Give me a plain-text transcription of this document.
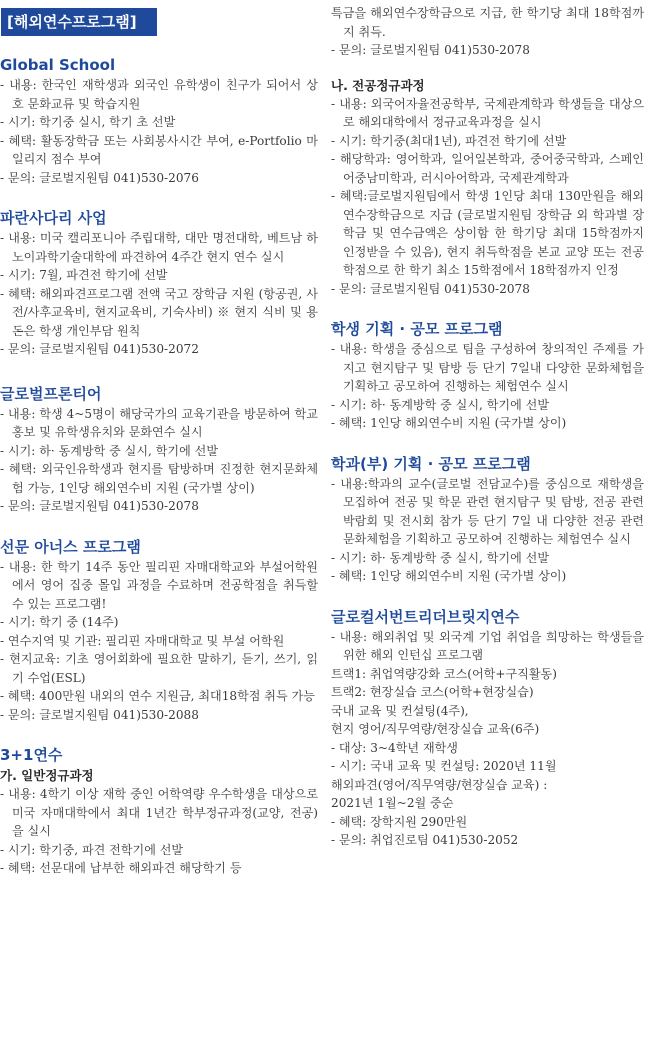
[해외연수프로그램]
Global School

- 내용: 한국인 재학생과 외국인 유학생이 친구가 되어서 상호 문화교류 및 학습지원

- 시기: 학기중 실시, 학기 초 선발

- 혜택: 활동장학금 또는 사회봉사시간 부여, e-Portfolio 마일리지 점수 부여

- 문의: 글로벌지원팀 041)530-2076

파란사다리 사업

- 내용: 미국 캘리포니아 주립대학, 대만 명전대학, 베트남 하노이과학기술대학에 파견하여 4주간 현지 연수 실시

- 시기: 7월, 파견전 학기에 선발

- 혜택: 해외파견프로그램 전액 국고 장학금 지원 (항공권, 사전/사후교육비, 현지교육비, 기숙사비) ※ 현지 식비 및 용돈은 학생 개인부담 원칙

- 문의: 글로벌지원팀 041)530-2072

글로벌프론티어

- 내용: 학생 4~5명이 해당국가의 교육기관을 방문하여 학교홍보 및 유학생유치와 문화연수 실시

- 시기: 하· 동계방학 중 실시, 학기에 선발

- 혜택: 외국인유학생과 현지를 탐방하며 진정한 현지문화체험 가능, 1인당 해외연수비 지원 (국가별 상이)

- 문의: 글로벌지원팀 041)530-2078

선문 아너스 프로그램

- 내용: 한 학기 14주 동안 필리핀 자매대학교와 부설어학원에서 영어 집중 몰입 과정을 수료하며 전공학점을 취득할 수 있는 프로그램!

- 시기: 학기 중 (14주)

- 연수지역 및 기관: 필리핀 자매대학교 및 부설 어학원

- 현지교육: 기초 영어회화에 필요한 말하기, 듣기, 쓰기, 읽기 수업(ESL)

- 혜택: 400만원 내외의 연수 지원금, 최대18학점 취득 가능

- 문의: 글로벌지원팀 041)530-2088

3+1연수
가. 일반정규과정

- 내용: 4학기 이상 재학 중인 어학역량 우수학생을 대상으로 미국 자매대학에서 최대 1년간 학부정규과정(교양, 전공)을 실시

- 시기: 학기중, 파견 전학기에 선발

- 혜택: 선문대에 납부한 해외파견 해당학기 등

특금을 해외연수장학금으로 지급, 한 학기당 최대 18학점까지 취득.

- 문의: 글로벌지원팀 041)530-2078

나. 전공정규과정

- 내용: 외국어자율전공학부, 국제관계학과 학생들을 대상으로 해외대학에서 정규교육과정을 실시

- 시기: 학기중(최대1년), 파견전 학기에 선발

- 해당학과: 영어학과, 일어일본학과, 중어중국학과, 스페인어중남미학과, 러시아어학과, 국제관계학과

- 혜택:글로벌지원팀에서 학생 1인당 최대 130만원을 해외연수장학금으로 지급 (글로벌지원팀 장학금 외 학과별 장학금 및 연수금액은 상이함 한 학기당 최대 15학점까지 인정받을 수 있음), 현지 취득학점을 본교 교양 또는 전공학점으로 한 학기 최소 15학점에서 18학점까지 인정

- 문의: 글로벌지원팀 041)530-2078

학생 기획 · 공모 프로그램

- 내용: 학생을 중심으로 팀을 구성하여 창의적인 주제를 가지고 현지탐구 및 탐방 등 단기 7일내 다양한 문화체험을 기획하고 공모하여 진행하는 체험연수 실시

- 시기: 하· 동계방학 중 실시, 학기에 선발

- 혜택: 1인당 해외연수비 지원 (국가별 상이)

학과(부) 기획 · 공모 프로그램

- 내용:학과의 교수(글로벌 전담교수)를 중심으로 재학생을 모집하여 전공 및 학문 관련 현지탐구 및 탐방, 전공 관련 박람회 및 전시회 참가 등 단기 7일 내 다양한 전공 관련 문화체험을 기획하고 공모하여 진행하는 체험연수 실시

- 시기: 하· 동계방학 중 실시, 학기에 선발

- 혜택: 1인당 해외연수비 지원 (국가별 상이)

글로컬서번트리더브릿지연수

- 내용: 해외취업 및 외국계 기업 취업을 희망하는 학생들을 위한 해외 인턴십 프로그램

트랙1: 취업역량강화 코스(어학+구직활동)

트랙2: 현장실습 코스(어학+현장실습)

국내 교육 및 컨설팅(4주),

현지 영어/직무역량/현장실습 교육(6주)

- 대상: 3~4학년 재학생

- 시기: 국내 교육 및 컨설팅: 2020년 11월

해외파견(영어/직무역량/현장실습 교육) :

2021년 1월~2월 중순

- 혜택: 장학지원 290만원

- 문의: 취업진로팀 041)530-2052
